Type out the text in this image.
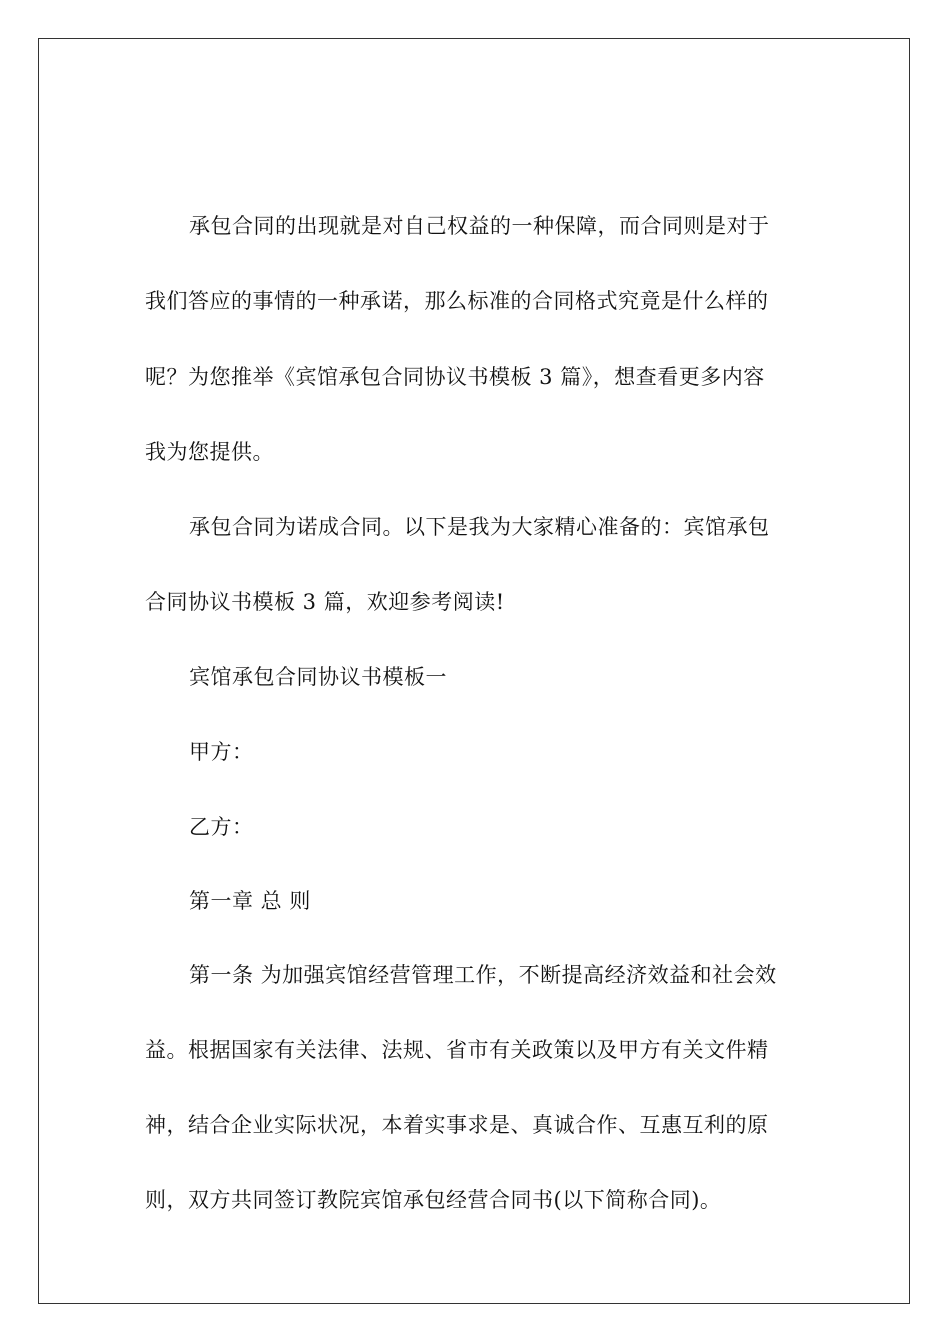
承包合同的出现就是对自己权益的一种保障，而合同则是对于
我们答应的事情的一种承诺，那么标准的合同格式究竟是什么样的
呢？为您推举《宾馆承包合同协议书模板 3 篇》，想查看更多内容
我为您提供。
承包合同为诺成合同。以下是我为大家精心准备的：宾馆承包
合同协议书模板 3 篇，欢迎参考阅读!
宾馆承包合同协议书模板一
甲方：
乙方：
第一章 总 则
第一条 为加强宾馆经营管理工作，不断提高经济效益和社会效
益。根据国家有关法律、法规、省市有关政策以及甲方有关文件精
神，结合企业实际状况，本着实事求是、真诚合作、互惠互利的原
则，双方共同签订教院宾馆承包经营合同书(以下简称合同)。
